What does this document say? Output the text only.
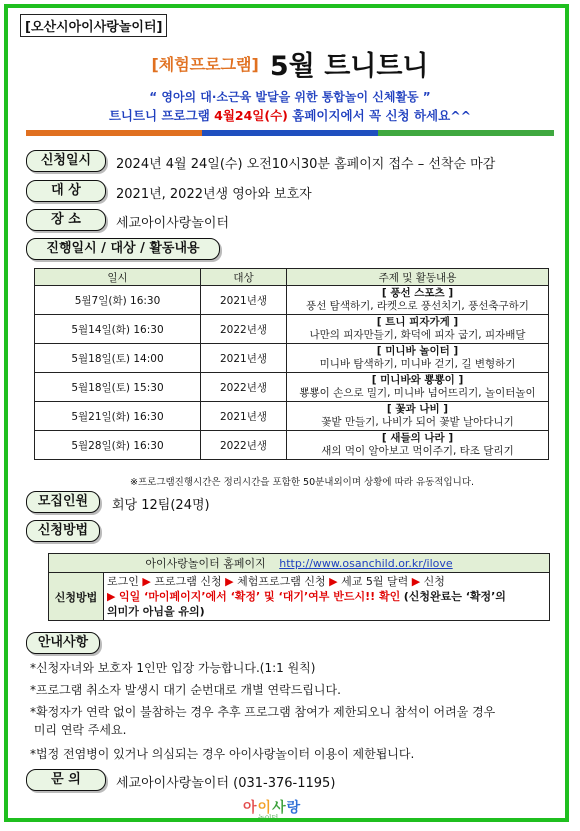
[오산시아이사랑놀이터]
[체험프로그램] 5월 트니트니
“ 영아의 대·소근육 발달을 위한 통합놀이 신체활동 ”
트니트니 프로그램 4월24일(수) 홈페이지에서 꼭 신청 하세요^^
신청일시	2024년 4월 24일(수) 오전10시30분 홈페이지 접수 – 선착순 마감
대 상	2021년, 2022년생 영아와 보호자
장 소	세교아이사랑놀이터
진행일시 / 대상 / 활동내용
일시	대상	주제 및 활동내용
5월7일(화) 16:30	2021년생	[ 풍선 스포츠 ]
풍선 탐색하기, 라켓으로 풍선치기, 풍선축구하기
5월14일(화) 16:30	2022년생	[ 트니 피자가게 ]
나만의 피자만들기, 화덕에 피자 굽기, 피자배달
5월18일(토) 14:00	2021년생	[ 미니바 놀이터 ]
미니바 탐색하기, 미니바 걷기, 길 변형하기
5월18일(토) 15:30	2022년생	[ 미니바와 뿅뿅이 ]
뿅뿅이 손으로 밀기, 미니바 넘어뜨리기, 놀이터놀이
5월21일(화) 16:30	2021년생	[ 꽃과 나비 ]
꽃밭 만들기, 나비가 되어 꽃밭 날아다니기
5월28일(화) 16:30	2022년생	[ 새들의 나라 ]
새의 먹이 알아보고 먹이주기, 타조 달리기
※프로그램진행시간은 정리시간을 포함한 50분내외이며 상황에 따라 유동적입니다.
모집인원	회당 12팀(24명)
신청방법
아이사랑놀이터 홈페이지 http://www.osanchild.or.kr/ilove
신청방법	로그인 ▶ 프로그램 신청 ▶ 체험프로그램 신청 ▶ 세교 5월 달력 ▶ 신청
▶ 익일 ‘마이페이지’에서 ‘확정’ 및 ‘대기’여부 반드시!! 확인 (신청완료는 ‘확정’의
의미가 아님을 유의)
안내사항
*신청자녀와 보호자 1인만 입장 가능합니다.(1:1 원칙)
*프로그램 취소자 발생시 대기 순번대로 개별 연락드립니다.
*확정자가 연락 없이 불참하는 경우 추후 프로그램 참여가 제한되오니 참석이 어려울 경우
미리 연락 주세요.
*법정 전염병이 있거나 의심되는 경우 아이사랑놀이터 이용이 제한됩니다.
문 의	세교아이사랑놀이터 (031-376-1195)
아이사랑
놀이터
